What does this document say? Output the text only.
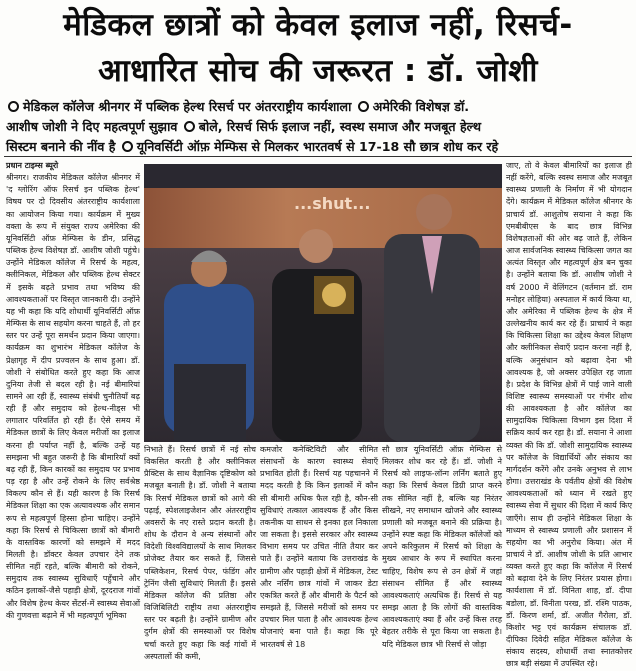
मेडिकल छात्रों को केवल इलाज नहीं, रिसर्च-
आधारित सोच की जरूरत : डॉ. जोशी
मेडिकल कॉलेज श्रीनगर में पब्लिक हेल्थ रिसर्च पर अंतरराष्ट्रीय कार्यशाला अमेरिकी विशेषज्ञ डॉ.
आशीष जोशी ने दिए महत्वपूर्ण सुझाव बोले, रिसर्च सिर्फ इलाज नहीं, स्वस्थ समाज और मजबूत हेल्थ
सिस्टम बनाने की नींव है यूनिवर्सिटी ऑफ़ मेम्फिस से मिलकर भारतवर्ष से 17-18 सौ छात्र शोध कर रहे

प्रधान टाइम्स ब्यूरो

श्रीनगर। राजकीय मेडिकल कॉलेज श्रीनगर में 'द ग्लोरिंग ऑफ रिसर्च इन पब्लिक हेल्थ' विषय पर दो दिवसीय अंतरराष्ट्रीय कार्यशाला का आयोजन किया गया। कार्यक्रम में मुख्य वक्ता के रूप में संयुक्त राज्य अमेरिका की यूनिवर्सिटी ऑफ़ मेम्फिस के डीन, प्रसिद्ध पब्लिक हेल्थ विशेषज्ञ डॉ. आशीष जोशी पहुंचे। उन्होंने मेडिकल कॉलेज में रिसर्च के महत्व, क्लीनिकल, मेडिकल और पब्लिक हेल्थ सेक्टर में इसके बढ़ते प्रभाव तथा भविष्य की आवश्यकताओं पर विस्तृत जानकारी दी। उन्होंने यह भी कहा कि यदि शोधार्थी यूनिवर्सिटी ऑफ़ मेम्फिस के साथ सहयोग करना चाहते हैं, तो हर स्तर पर उन्हें पूरा समर्थन प्रदान किया जाएगा। कार्यक्रम का शुभारंभ मेडिकल कॉलेज के प्रेक्षागृह में दीप प्रज्वलन के साथ हुआ। डॉ. जोशी ने संबोधित करते हुए कहा कि आज दुनिया तेजी से बदल रही है। नई बीमारियां सामने आ रही हैं, स्वास्थ्य संबंधी चुनौतियाँ बढ़ रही हैं और समुदाय को हेल्थ-नीड्स भी लगातार परिवर्तित हो रही हैं। ऐसे समय में मेडिकल छात्रों के लिए केवल मरीजों का इलाज करना ही पर्याप्त नहीं है, बल्कि उन्हें यह समझना भी बहुत जरूरी है कि बीमारियाँ क्यों बढ़ रही हैं, किन कारकों का समुदाय पर प्रभाव पड़ रहा है और उन्हें रोकने के लिए सर्वश्रेष्ठ विकल्प कौन से हैं। यही कारण है कि रिसर्च मेडिकल शिक्षा का एक अत्यावश्यक और समान रूप से महत्वपूर्ण हिस्सा होना चाहिए। उन्होंने कहा कि रिसर्च से चिकित्सा छात्रों को बीमारी के वास्तविक कारणों को समझने में मदद मिलती है। डॉक्टर केवल उपचार देने तक सीमित नहीं रहते, बल्कि बीमारी को रोकने, समुदाय तक स्वास्थ्य सुविधाएँ पहुँचाने और कठिन इलाकों-जैसे पहाड़ी क्षेत्रों, दूरदराज गांवों और विशेष हेल्थ केयर सेंटर्स-में स्वास्थ्य सेवाओं की गुणवत्ता बढ़ाने में भी महत्वपूर्ण भूमिका

...shut...

निभाते हैं। रिसर्च छात्रों में नई सोच विकसित करती है और क्लीनिकल प्रैक्टिस के साथ वैज्ञानिक दृष्टिकोण को मजबूत बनाती है। डॉ. जोशी ने बताया कि रिसर्च मेडिकल छात्रों को आगे की पढ़ाई, स्पेशलाइजेशन और अंतरराष्ट्रीय अवसरों के नए रास्ते प्रदान करती है। शोध के दौरान वे अन्य संस्थानों और विदेशी विश्वविद्यालयों के साथ मिलकर प्रोजेक्ट तैयार कर सकते हैं, जिससे पब्लिकेशन, रिसर्च पेपर, फंडिंग और ट्रेनिंग जैसी सुविधाएं मिलती हैं। इससे मेडिकल कॉलेज की प्रतिष्ठा और विजिबिलिटी राष्ट्रीय तथा अंतरराष्ट्रीय स्तर पर बढ़ती है। उन्होंने ग्रामीण और दुर्गम क्षेत्रों की समस्याओं पर विशेष चर्चा करते हुए कहा कि कई गांवों में अस्पतालों की कमी,

कमजोर कनेक्टिविटी और सीमित संसाधनों के कारण स्वास्थ्य सेवाएँ प्रभावित होती हैं। रिसर्च यह पहचानने में मदद करती है कि किन इलाकों में कौन सी बीमारी अधिक फैल रही है, कौन-सी सुविधाएं तत्काल आवश्यक हैं और किस तकनीक या साधन से इनका हल निकाला जा सकता है। इससे सरकार और स्वास्थ्य विभाग समय पर उचित नीति तैयार कर पाते हैं। उन्होंने बताया कि उत्तराखंड के ग्रामीण और पहाड़ी क्षेत्रों में मेडिकल, टेस्ट और नर्सिंग छात्र गांवों में जाकर डेटा एकत्रित करते हैं और बीमारी के पैटर्न को समझते हैं, जिससे मरीजों को समय पर उपचार मिल पाता है और आवश्यक हेल्थ योजनाएं बना पाते हैं। कहा कि पूरे भारतवर्ष से 18

सौ छात्र यूनिवर्सिटी ऑफ़ मेम्फिस से मिलकर शोध कर रहे हैं। डॉ. जोशी ने रिसर्च को लाइफ-लॉन्ग लर्निंग बताते हुए कहा कि रिसर्च केवल डिग्री प्राप्त करने तक सीमित नहीं है, बल्कि यह निरंतर सीखने, नए समाधान खोजने और स्वास्थ्य प्रणाली को मजबूत बनाने की प्रक्रिया है। उन्होंने स्पष्ट कहा कि मेडिकल कॉलेजों को अपने करिकुलम में रिसर्च को शिक्षा के मुख्य आधार के रूप में स्थापित करना चाहिए, विशेष रूप से उन क्षेत्रों में जहां संसाधन सीमित हैं और स्वास्थ्य आवश्यकताएं अत्यधिक हैं। रिसर्च से यह समझ आता है कि लोगों की वास्तविक आवश्यकताएं क्या हैं और उन्हें किस तरह बेहतर तरीके से पूरा किया जा सकता है। यदि मेडिकल छात्र भी रिसर्च से जोड़ा

जाए, तो वे केवल बीमारियों का इलाज ही नहीं करेंगे, बल्कि स्वस्थ समाज और मजबूत स्वास्थ्य प्रणाली के निर्माण में भी योगदान देंगे। कार्यक्रम में मेडिकल कॉलेज श्रीनगर के प्राचार्य डॉ. आशुतोष सयाना ने कहा कि एमबीबीएस के बाद छात्र विभिन्न विशेषज्ञताओं की ओर बढ़ जाते हैं, लेकिन आज सार्वजनिक स्वास्थ्य चिकित्सा जगत का अत्यंत विस्तृत और महत्वपूर्ण क्षेत्र बन चुका है। उन्होंने बताया कि डॉ. आशीष जोशी ने वर्ष 2000 में वेलिंगटन (वर्तमान डॉ. राम मनोहर लोहिया) अस्पताल में कार्य किया था, और अमेरिका में पब्लिक हेल्थ के क्षेत्र में उल्लेखनीय कार्य कर रहे हैं। प्राचार्य ने कहा कि चिकित्सा शिक्षा का उद्देश्य केवल शिक्षण और क्लीनिकल सेवाएँ प्रदान करना नहीं है, बल्कि अनुसंधान को बढ़ावा देना भी आवश्यक है, जो अक्सर उपेक्षित रह जाता है। प्रदेश के विभिन्न क्षेत्रों में पाई जाने वाली विशिष्ट स्वास्थ्य समस्याओं पर गंभीर शोध की आवश्यकता है और कॉलेज का सामुदायिक चिकित्सा विभाग इस दिशा में सक्रिय कार्य कर रहा है। डॉ. सयाना ने आशा व्यक्त की कि डॉ. जोशी सामुदायिक स्वास्थ्य पर कॉलेज के विद्यार्थियों और संकाय का मार्गदर्शन करेंगे और उनके अनुभव से लाभ होगा। उत्तराखंड के पर्वतीय क्षेत्रों की विशेष आवश्यकताओं को ध्यान में रखते हुए स्वास्थ्य सेवा में सुधार की दिशा में कार्य किए जाएँगे। साथ ही उन्होंने मेडिकल शिक्षा के माध्यम से स्वास्थ्य प्रणाली और प्रशासन में सहयोग का भी अनुरोध किया। अंत में प्राचार्य ने डॉ. आशीष जोशी के प्रति आभार व्यक्त करते हुए कहा कि कॉलेज में रिसर्च को बढ़ावा देने के लिए निरंतर प्रयास होगा। कार्यशाला में डॉ. विनिता शाह, डॉ. दीपा बडोला, डॉ. विनीता परख, डॉ. रश्मि पाठक, डॉ. किरण शर्मा, डॉ. अजीत गैरोला, डॉ. किशोर भट्ट एवं कार्यक्रम संचालक डॉ. दीपिका दिवेदी सहित मेडिकल कॉलेज के संकाय सदस्य, शोधार्थी तथा स्नातकोत्तर छात्र बड़ी संख्या में उपस्थित रहे।
